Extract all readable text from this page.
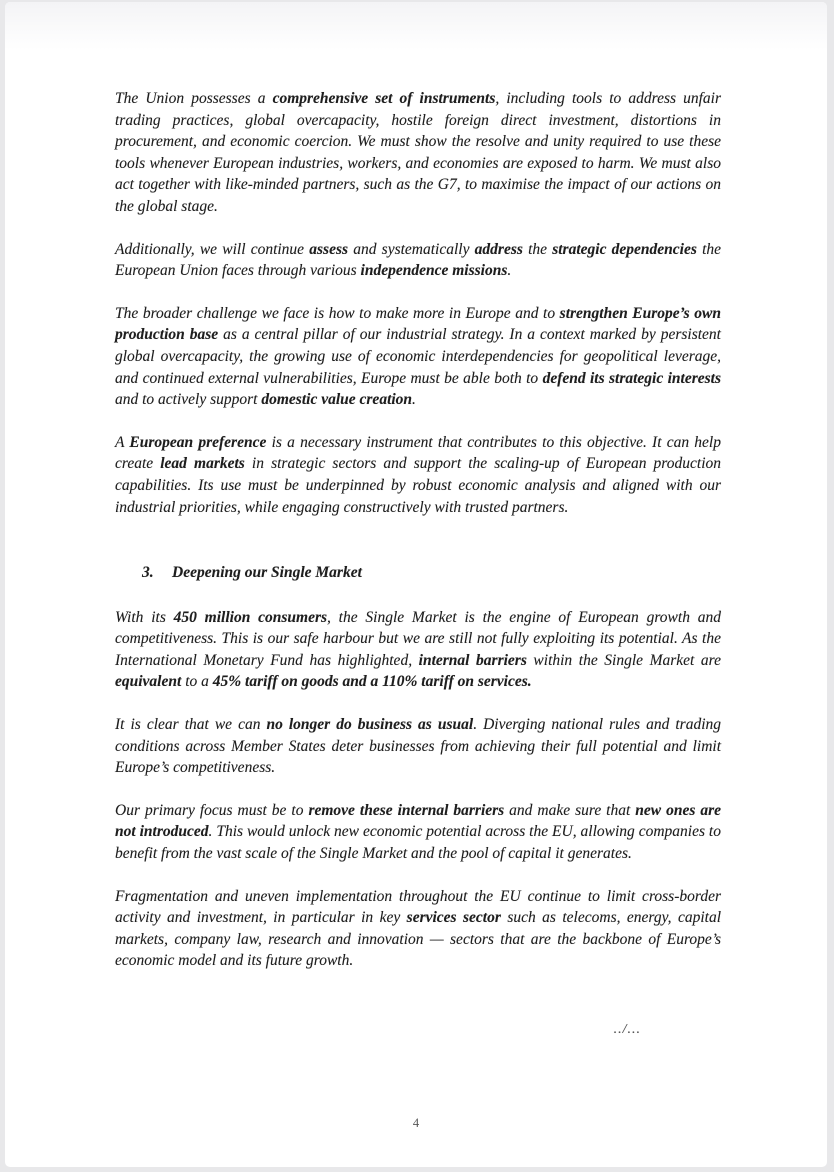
The Union possesses a comprehensive set of instruments, including tools to address unfair trading practices, global overcapacity, hostile foreign direct investment, distortions in procurement, and economic coercion. We must show the resolve and unity required to use these tools whenever European industries, workers, and economies are exposed to harm. We must also act together with like-minded partners, such as the G7, to maximise the impact of our actions on the global stage.

Additionally, we will continue assess and systematically address the strategic dependencies the European Union faces through various independence missions.

The broader challenge we face is how to make more in Europe and to strengthen Europe’s own production base as a central pillar of our industrial strategy. In a context marked by persistent global overcapacity, the growing use of economic interdependencies for geopolitical leverage, and continued external vulnerabilities, Europe must be able both to defend its strategic interests and to actively support domestic value creation.

A European preference is a necessary instrument that contributes to this objective. It can help create lead markets in strategic sectors and support the scaling-up of European production capabilities. Its use must be underpinned by robust economic analysis and aligned with our industrial priorities, while engaging constructively with trusted partners.

3.	Deepening our Single Market

With its 450 million consumers, the Single Market is the engine of European growth and competitiveness. This is our safe harbour but we are still not fully exploiting its potential. As the International Monetary Fund has highlighted, internal barriers within the Single Market are equivalent to a 45% tariff on goods and a 110% tariff on services.

It is clear that we can no longer do business as usual. Diverging national rules and trading conditions across Member States deter businesses from achieving their full potential and limit Europe’s competitiveness.

Our primary focus must be to remove these internal barriers and make sure that new ones are not introduced. This would unlock new economic potential across the EU, allowing companies to benefit from the vast scale of the Single Market and the pool of capital it generates.

Fragmentation and uneven implementation throughout the EU continue to limit cross-border activity and investment, in particular in key services sector such as telecoms, energy, capital markets, company law, research and innovation — sectors that are the backbone of Europe’s economic model and its future growth.

../...
4
